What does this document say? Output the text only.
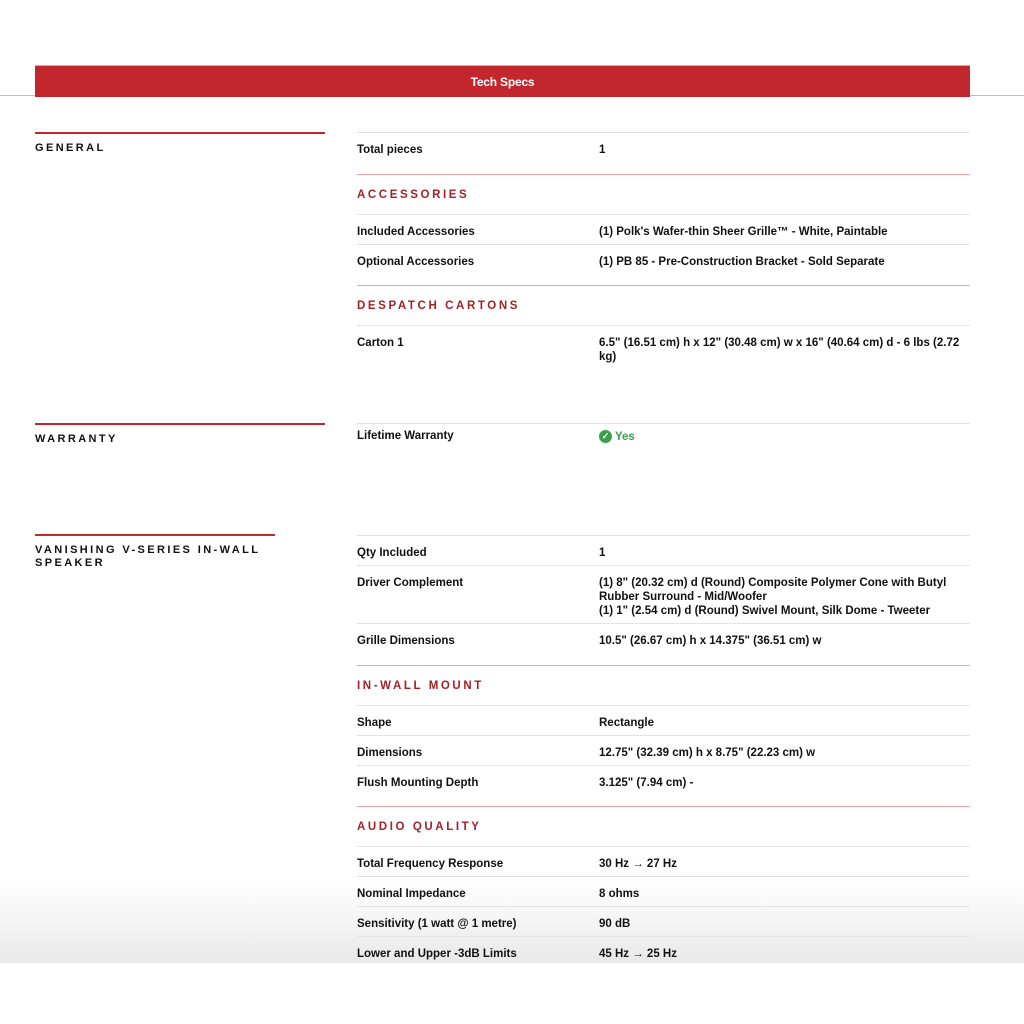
Tech Specs
GENERAL	Total pieces	1
ACCESSORIES
Included Accessories	(1) Polk's Wafer-thin Sheer Grille™ - White, Paintable
Optional Accessories	(1) PB 85 - Pre-Construction Bracket - Sold Separate
DESPATCH CARTONS
Carton 1	6.5" (16.51 cm) h x 12" (30.48 cm) w x 16" (40.64 cm) d - 6 lbs (2.72 kg)
WARRANTY	Lifetime Warranty	✓ Yes
VANISHING V-SERIES IN-WALL SPEAKER
Qty Included	1
Driver Complement	(1) 8" (20.32 cm) d (Round) Composite Polymer Cone with Butyl Rubber Surround - Mid/Woofer
(1) 1" (2.54 cm) d (Round) Swivel Mount, Silk Dome - Tweeter
Grille Dimensions	10.5" (26.67 cm) h x 14.375" (36.51 cm) w
IN-WALL MOUNT
Shape	Rectangle
Dimensions	12.75" (32.39 cm) h x 8.75" (22.23 cm) w
Flush Mounting Depth	3.125" (7.94 cm) -
AUDIO QUALITY
Total Frequency Response	30 Hz → 27 Hz
Nominal Impedance	8 ohms
Sensitivity (1 watt @ 1 metre)	90 dB
Lower and Upper -3dB Limits	45 Hz → 25 Hz
